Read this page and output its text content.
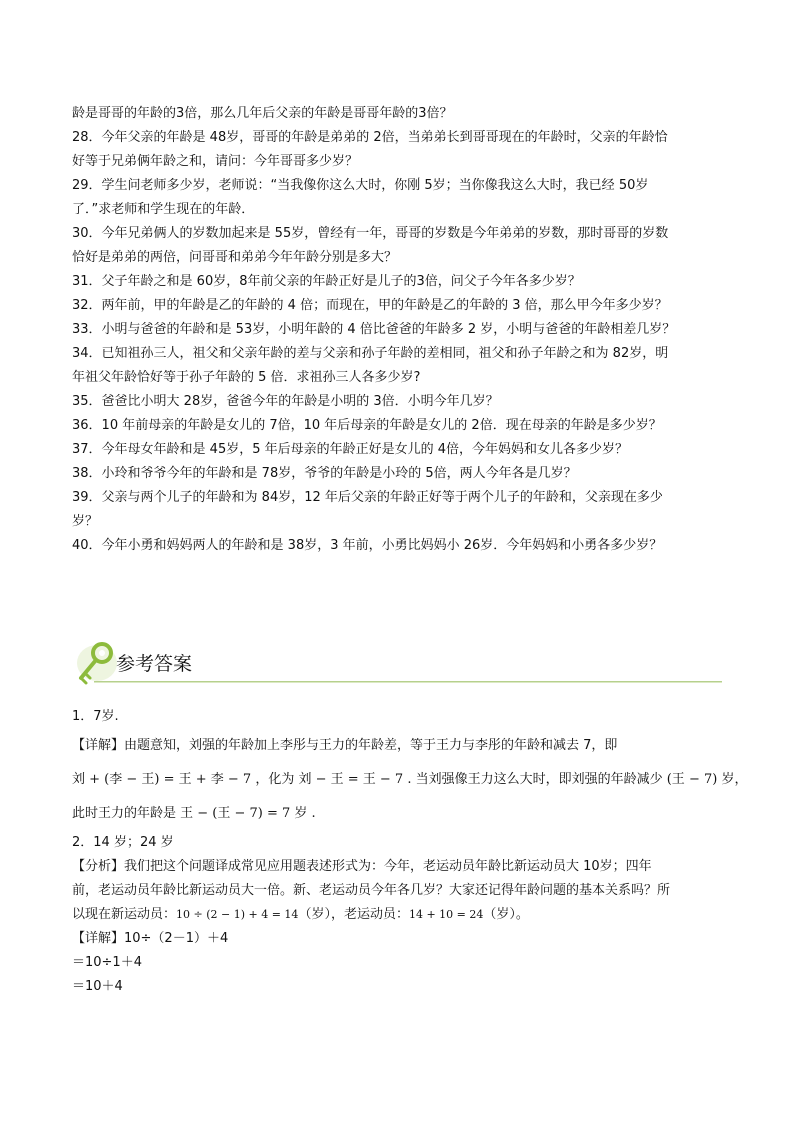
龄是哥哥的年龄的3倍，那么几年后父亲的年龄是哥哥年龄的3倍？
28．今年父亲的年龄是 48岁，哥哥的年龄是弟弟的 2倍，当弟弟长到哥哥现在的年龄时，父亲的年龄恰
好等于兄弟俩年龄之和，请问：今年哥哥多少岁？
29．学生问老师多少岁，老师说：“当我像你这么大时，你刚 5岁；当你像我这么大时，我已经 50岁
了．”求老师和学生现在的年龄．
30．今年兄弟俩人的岁数加起来是 55岁，曾经有一年，哥哥的岁数是今年弟弟的岁数，那时哥哥的岁数
恰好是弟弟的两倍，问哥哥和弟弟今年年龄分别是多大？
31．父子年龄之和是 60岁，8年前父亲的年龄正好是儿子的3倍，问父子今年各多少岁？
32．两年前，甲的年龄是乙的年龄的 4 倍；而现在，甲的年龄是乙的年龄的 3 倍，那么甲今年多少岁？
33．小明与爸爸的年龄和是 53岁，小明年龄的 4 倍比爸爸的年龄多 2 岁，小明与爸爸的年龄相差几岁？
34．已知祖孙三人，祖父和父亲年龄的差与父亲和孙子年龄的差相同，祖父和孙子年龄之和为 82岁，明
年祖父年龄恰好等于孙子年龄的 5 倍．求祖孙三人各多少岁?
35．爸爸比小明大 28岁，爸爸今年的年龄是小明的 3倍．小明今年几岁？
36．10 年前母亲的年龄是女儿的 7倍，10 年后母亲的年龄是女儿的 2倍．现在母亲的年龄是多少岁？
37．今年母女年龄和是 45岁，5 年后母亲的年龄正好是女儿的 4倍，今年妈妈和女儿各多少岁？
38．小玲和爷爷今年的年龄和是 78岁，爷爷的年龄是小玲的 5倍，两人今年各是几岁？
39．父亲与两个儿子的年龄和为 84岁，12 年后父亲的年龄正好等于两个儿子的年龄和，父亲现在多少
岁？
40．今年小勇和妈妈两人的年龄和是 38岁，3 年前，小勇比妈妈小 26岁．今年妈妈和小勇各多少岁？
参考答案
1．7岁.
【详解】由题意知，刘强的年龄加上李彤与王力的年龄差，等于王力与李彤的年龄和减去 7，即
刘 + (李 − 王) = 王 + 李 − 7 ，化为 刘 − 王 = 王 − 7 . 当刘强像王力这么大时，即刘强的年龄减少 (王 − 7) 岁，
此时王力的年龄是 王 − (王 − 7) = 7 岁 .
2．14 岁；24 岁
【分析】我们把这个问题译成常见应用题表述形式为：今年，老运动员年龄比新运动员大 10岁；四年
前，老运动员年龄比新运动员大一倍。新、老运动员今年各几岁？大家还记得年龄问题的基本关系吗？所
以现在新运动员：10 ÷ (2 − 1) + 4 = 14（岁），老运动员：14 + 10 = 24（岁）。
【详解】10÷（2－1）＋4
＝10÷1＋4
＝10＋4
